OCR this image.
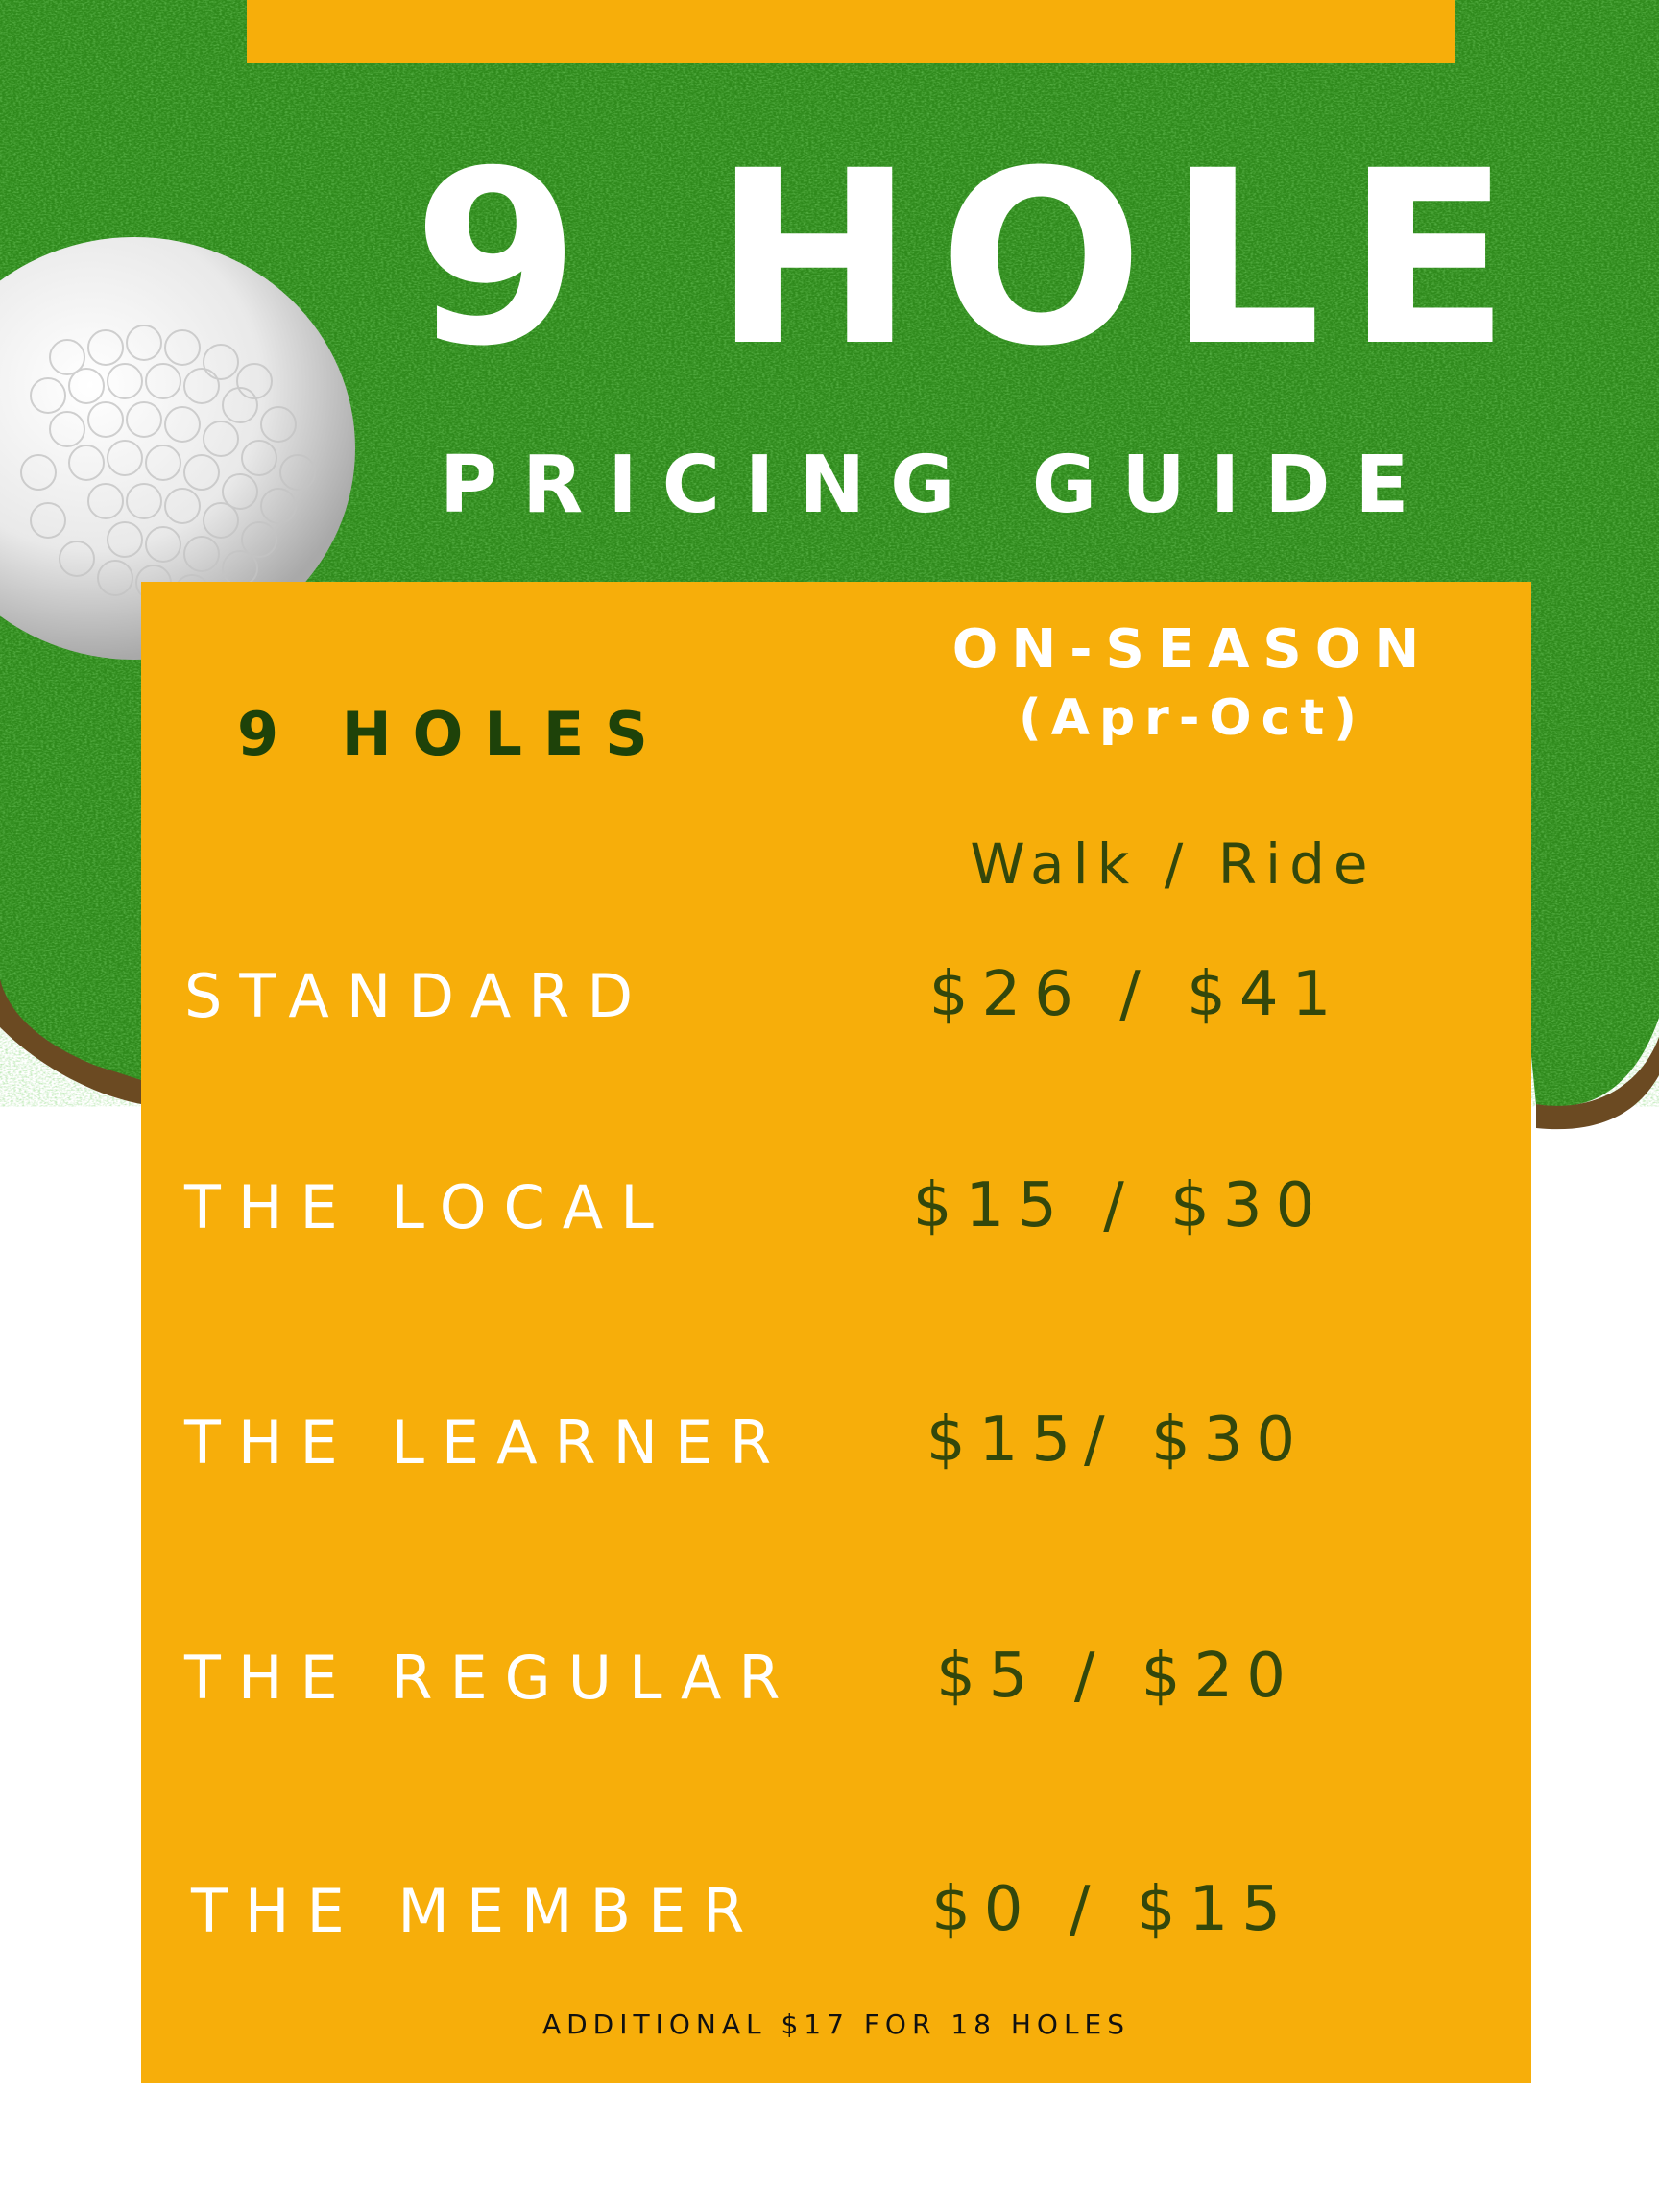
9 HOLE
PRICING GUIDE
9 HOLES
ON-SEASON
(Apr-Oct)
Walk / Ride
STANDARD	$26 / $41
THE LOCAL	$15 / $30
THE LEARNER	$15/ $30
THE REGULAR	$5 / $20
THE MEMBER	$0 / $15
ADDITIONAL $17 FOR 18 HOLES
